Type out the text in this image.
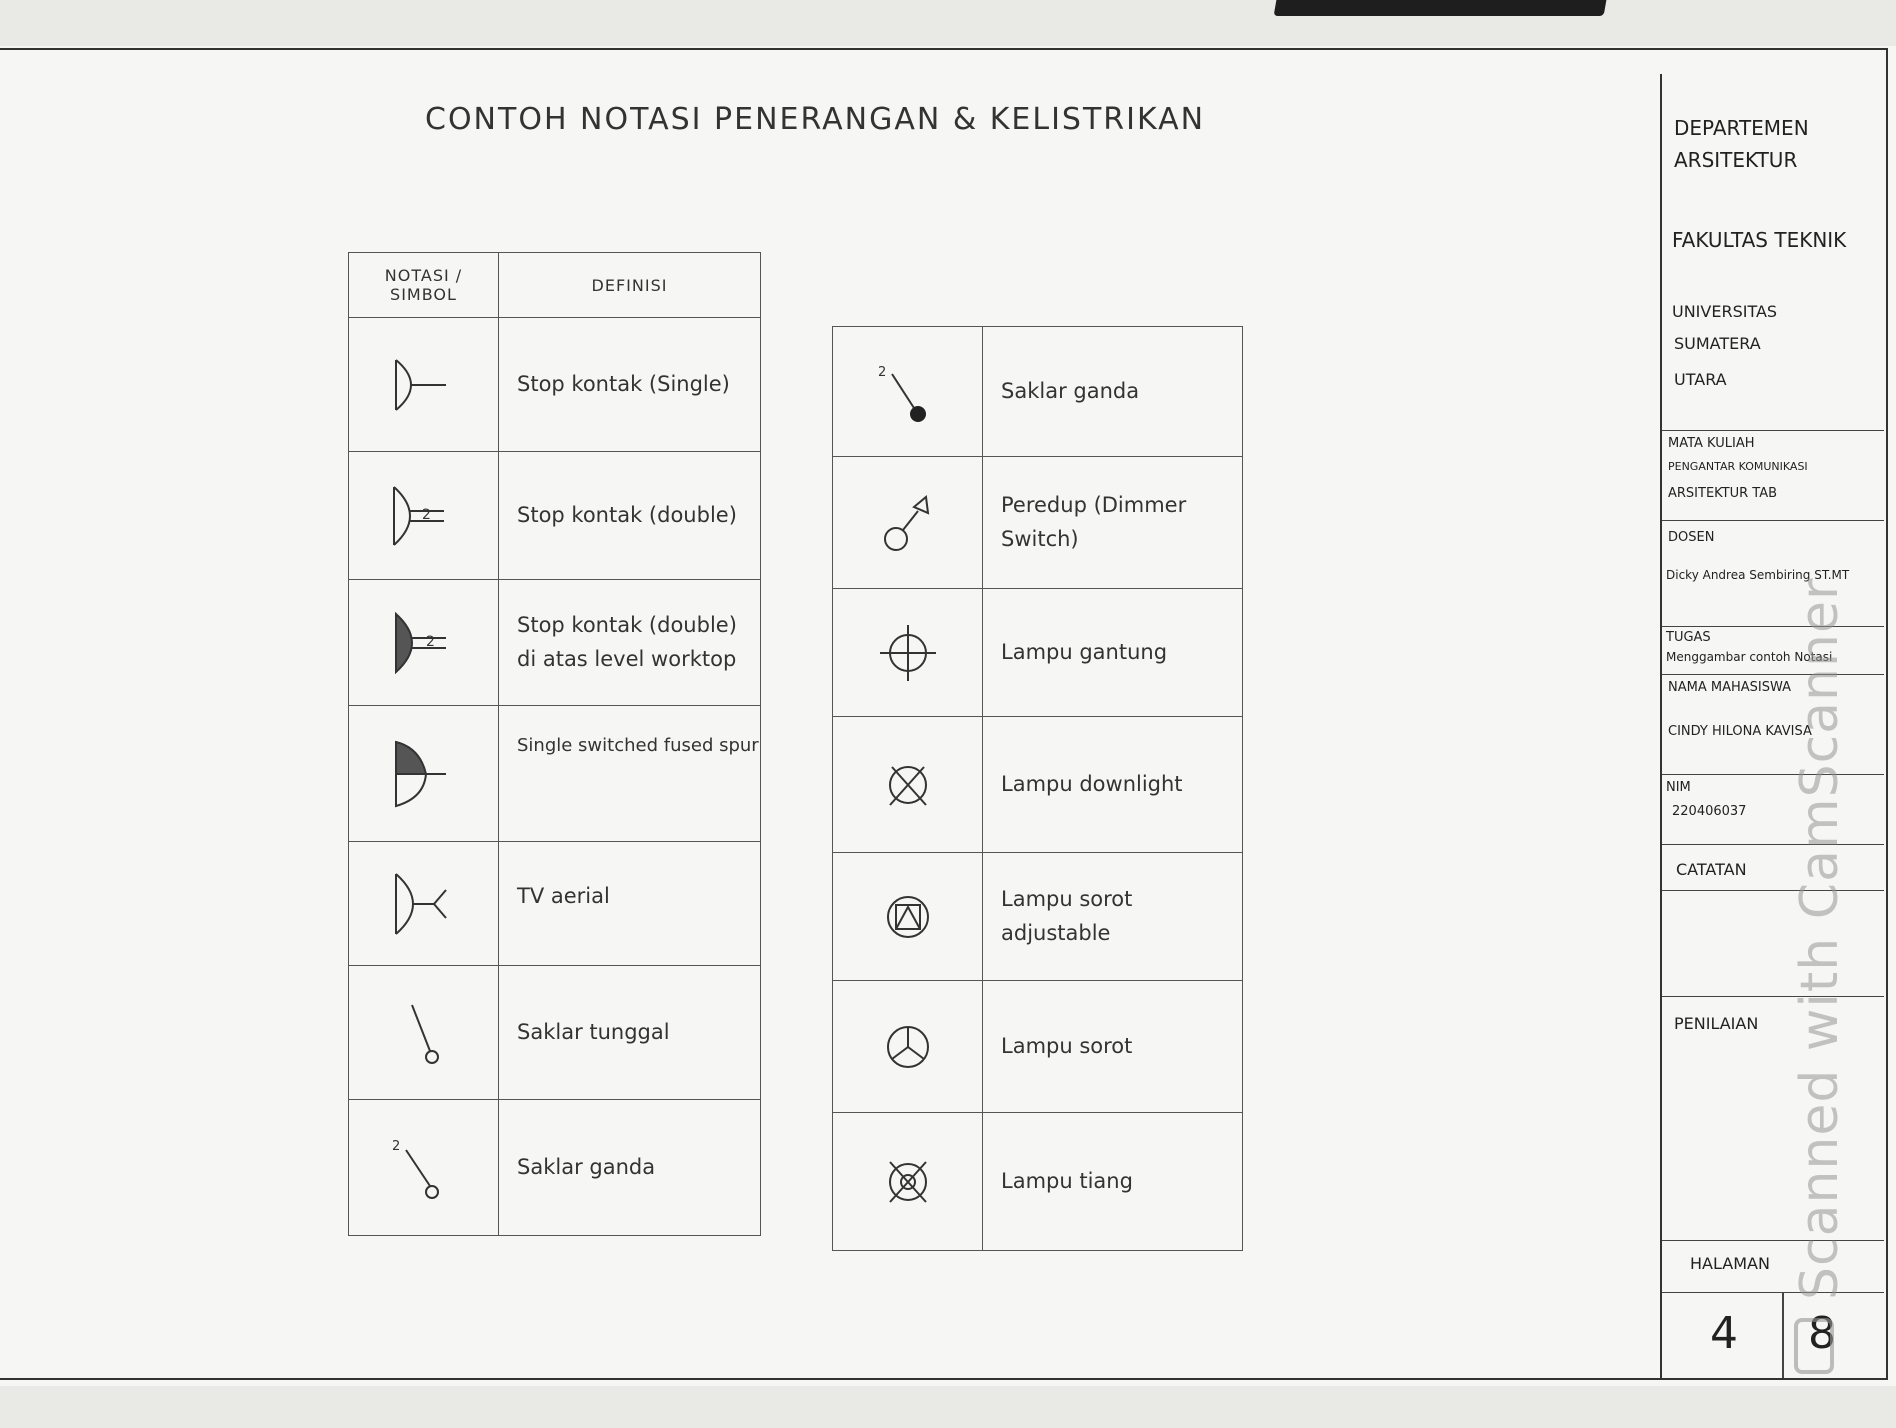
CONTOH NOTASI PENERANGAN & KELISTRIKAN
NOTASI / SIMBOL	DEFINISI

	Stop kontak (Single)

2	Stop kontak (double)

2	Stop kontak (double) di atas level worktop

	Single switched fused spur

	TV aerial

	Saklar tunggal

2	Saklar ganda
2	Saklar ganda

	Peredup (Dimmer Switch)

	Lampu gantung

	Lampu downlight

	Lampu sorot adjustable

	Lampu sorot

	Lampu tiang
DEPARTEMEN
ARSITEKTUR
FAKULTAS TEKNIK
UNIVERSITAS
SUMATERA
UTARA
MATA KULIAH
PENGANTAR KOMUNIKASI
ARSITEKTUR TAB
DOSEN
Dicky Andrea Sembiring ST.MT
TUGAS
Menggambar contoh Notasi
NAMA MAHASISWA
CINDY HILONA KAVISA
NIM
220406037
CATATAN
PENILAIAN
HALAMAN
4 8
Scanned with CamScanner
